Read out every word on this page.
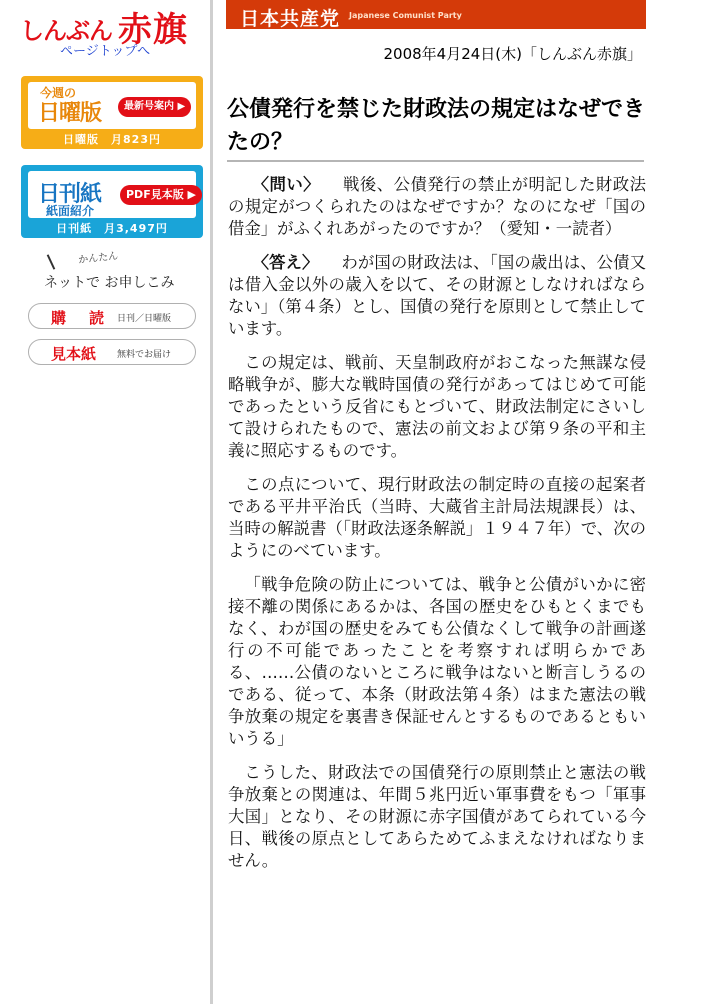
しんぶん 赤旗
ページトップへ
今週の
日曜版	最新号案内 ▶
日曜版　月823円
日刊紙
紙面紹介
PDF見本版 ▶
日刊紙　月3,497円
かんたん
ネットで お申しこみ
購　読 日刊／日曜版
見本紙 無料でお届け
日本共産党 Japanese Comunist Party
2008年4月24日(木)「しんぶん赤旗」
公債発行を禁じた財政法の規定はなぜできたの？

〈問い〉 戦後、公債発行の禁止が明記した財政法の規定がつくられたのはなぜですか？なのになぜ「国の借金」がふくれあがったのですか？（愛知・一読者）

〈答え〉 わが国の財政法は、「国の歳出は、公債又は借入金以外の歳入を以て、その財源としなければならない」（第４条）とし、国債の発行を原則として禁止しています。

この規定は、戦前、天皇制政府がおこなった無謀な侵略戦争が、膨大な戦時国債の発行があってはじめて可能であったという反省にもとづいて、財政法制定にさいして設けられたもので、憲法の前文および第９条の平和主義に照応するものです。

この点について、現行財政法の制定時の直接の起案者である平井平治氏（当時、大蔵省主計局法規課長）は、当時の解説書（「財政法逐条解説」１９４７年）で、次のようにのべています。

「戦争危険の防止については、戦争と公債がいかに密接不離の関係にあるかは、各国の歴史をひもとくまでもなく、わが国の歴史をみても公債なくして戦争の計画遂行の不可能であったことを考察すれば明らかである、……公債のないところに戦争はないと断言しうるのである、従って、本条（財政法第４条）はまた憲法の戦争放棄の規定を裏書き保証せんとするものであるともいいうる」

こうした、財政法での国債発行の原則禁止と憲法の戦争放棄との関連は、年間５兆円近い軍事費をもつ「軍事大国」となり、その財源に赤字国債があてられている今日、戦後の原点としてあらためてふまえなければなりません。
